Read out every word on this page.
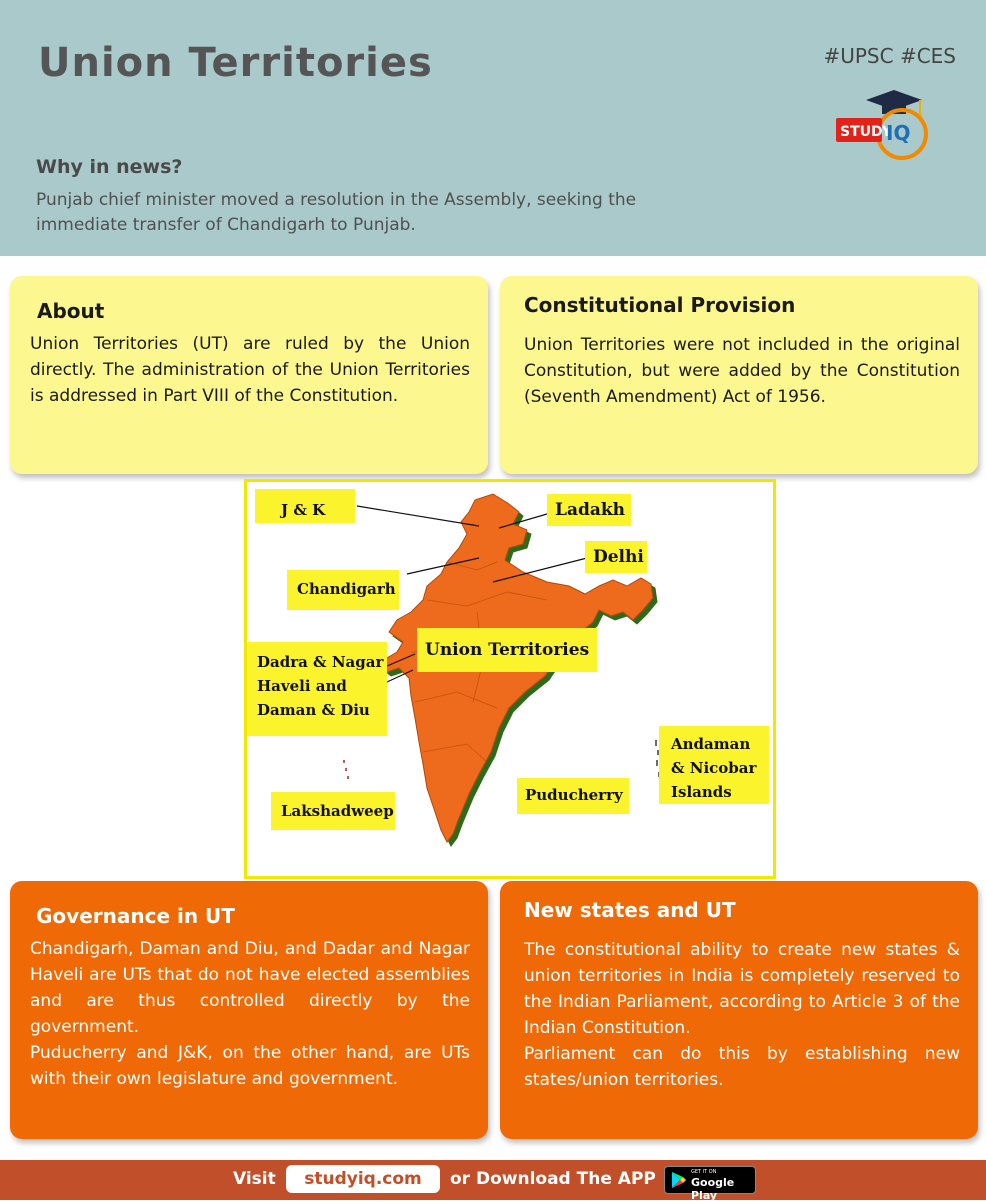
Union Territories	#UPSC #CES
STUDY
IQ
Why in news?
Punjab chief minister moved a resolution in the Assembly, seeking the immediate transfer of Chandigarh to Punjab.
About

Union Territories (UT) are ruled by the Union directly. The administration of the Union Territories is addressed in Part VIII of the Constitution.

Constitutional Provision

Union Territories were not included in the original Constitution, but were added by the Constitution (Seventh Amendment) Act of 1956.

J & K	Ladakh
Delhi
Chandigarh
Union Territories
Dadra & Nagar
Haveli and
Daman & Diu
Andaman
& Nicobar
Islands
Puducherry
Lakshadweep
Governance in UT

Chandigarh, Daman and Diu, and Dadar and Nagar Haveli are UTs that do not have elected assemblies and are thus controlled directly by the government.

Puducherry and J&K, on the other hand, are UTs with their own legislature and government.

New states and UT

The constitutional ability to create new states & union territories in India is completely reserved to the Indian Parliament, according to Article 3 of the Indian Constitution.

Parliament can do this by establishing new states/union territories.

Visit	studyiq.com	or Download The APP	GET IT ON
Google Play
